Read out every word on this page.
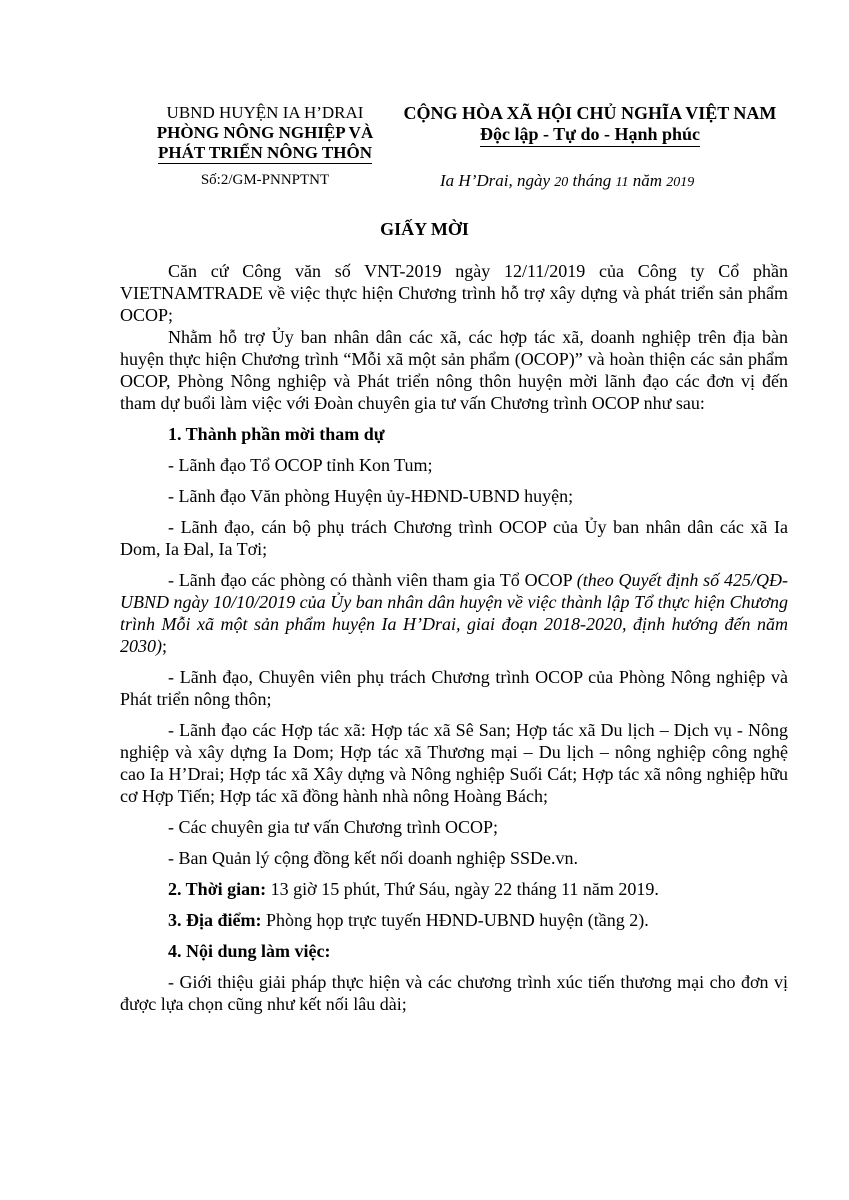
UBND HUYỆN IA H’DRAI
PHÒNG NÔNG NGHIỆP VÀ
PHÁT TRIỂN NÔNG THÔN
Số:2/GM-PNNPTNT
CỘNG HÒA XÃ HỘI CHỦ NGHĨA VIỆT NAM
Độc lập - Tự do - Hạnh phúc
Ia H’Drai, ngày 20 tháng 11 năm 2019
GIẤY MỜI

Căn cứ Công văn số VNT-2019 ngày 12/11/2019 của Công ty Cổ phần VIETNAMTRADE về việc thực hiện Chương trình hỗ trợ xây dựng và phát triển sản phẩm OCOP;

Nhằm hỗ trợ Ủy ban nhân dân các xã, các hợp tác xã, doanh nghiệp trên địa bàn huyện thực hiện Chương trình “Mỗi xã một sản phẩm (OCOP)” và hoàn thiện các sản phẩm OCOP, Phòng Nông nghiệp và Phát triển nông thôn huyện mời lãnh đạo các đơn vị đến tham dự buổi làm việc với Đoàn chuyên gia tư vấn Chương trình OCOP như sau:

1. Thành phần mời tham dự

- Lãnh đạo Tổ OCOP tỉnh Kon Tum;

- Lãnh đạo Văn phòng Huyện ủy-HĐND-UBND huyện;

- Lãnh đạo, cán bộ phụ trách Chương trình OCOP của Ủy ban nhân dân các xã Ia Dom, Ia Đal, Ia Tơi;

- Lãnh đạo các phòng có thành viên tham gia Tổ OCOP (theo Quyết định số 425/QĐ-UBND ngày 10/10/2019 của Ủy ban nhân dân huyện về việc thành lập Tổ thực hiện Chương trình Mỗi xã một sản phẩm huyện Ia H’Drai, giai đoạn 2018-2020, định hướng đến năm 2030);

- Lãnh đạo, Chuyên viên phụ trách Chương trình OCOP của Phòng Nông nghiệp và Phát triển nông thôn;

- Lãnh đạo các Hợp tác xã: Hợp tác xã Sê San; Hợp tác xã Du lịch – Dịch vụ - Nông nghiệp và xây dựng Ia Dom; Hợp tác xã Thương mại – Du lịch – nông nghiệp công nghệ cao Ia H’Drai; Hợp tác xã Xây dựng và Nông nghiệp Suối Cát; Hợp tác xã nông nghiệp hữu cơ Hợp Tiến; Hợp tác xã đồng hành nhà nông Hoàng Bách;

- Các chuyên gia tư vấn Chương trình OCOP;

- Ban Quản lý cộng đồng kết nối doanh nghiệp SSDe.vn.

2. Thời gian: 13 giờ 15 phút, Thứ Sáu, ngày 22 tháng 11 năm 2019.

3. Địa điểm: Phòng họp trực tuyến HĐND-UBND huyện (tầng 2).

4. Nội dung làm việc:

- Giới thiệu giải pháp thực hiện và các chương trình xúc tiến thương mại cho đơn vị được lựa chọn cũng như kết nối lâu dài;
